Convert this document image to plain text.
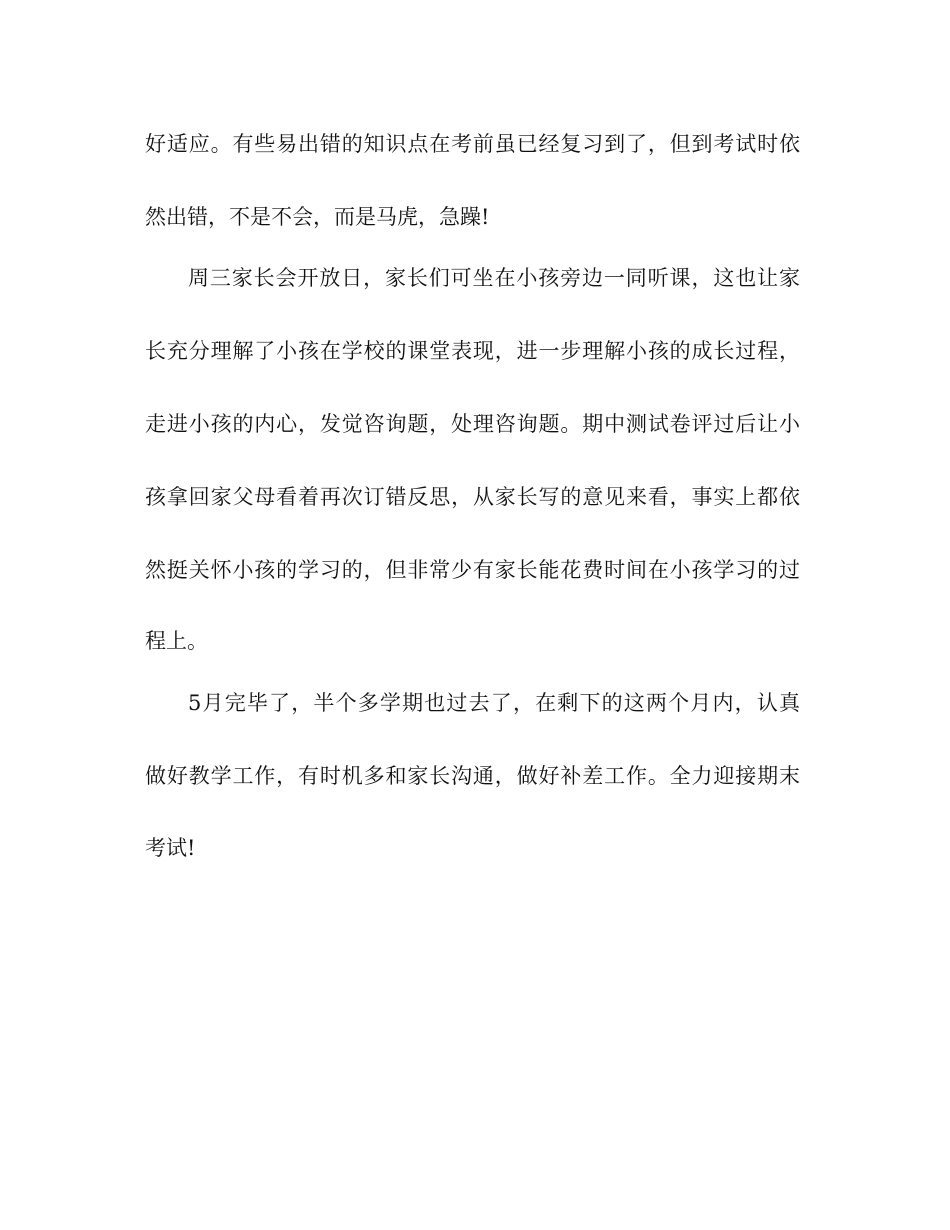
好适应。有些易出错的知识点在考前虽已经复习到了，但到考试时依
然出错，不是不会，而是马虎，急躁!
周三家长会开放日，家长们可坐在小孩旁边一同听课，这也让家
长充分理解了小孩在学校的课堂表现，进一步理解小孩的成长过程，
走进小孩的内心，发觉咨询题，处理咨询题。期中测试卷评过后让小
孩拿回家父母看着再次订错反思，从家长写的意见来看，事实上都依
然挺关怀小孩的学习的，但非常少有家长能花费时间在小孩学习的过
程上。
5月完毕了，半个多学期也过去了，在剩下的这两个月内，认真
做好教学工作，有时机多和家长沟通，做好补差工作。全力迎接期末
考试!
